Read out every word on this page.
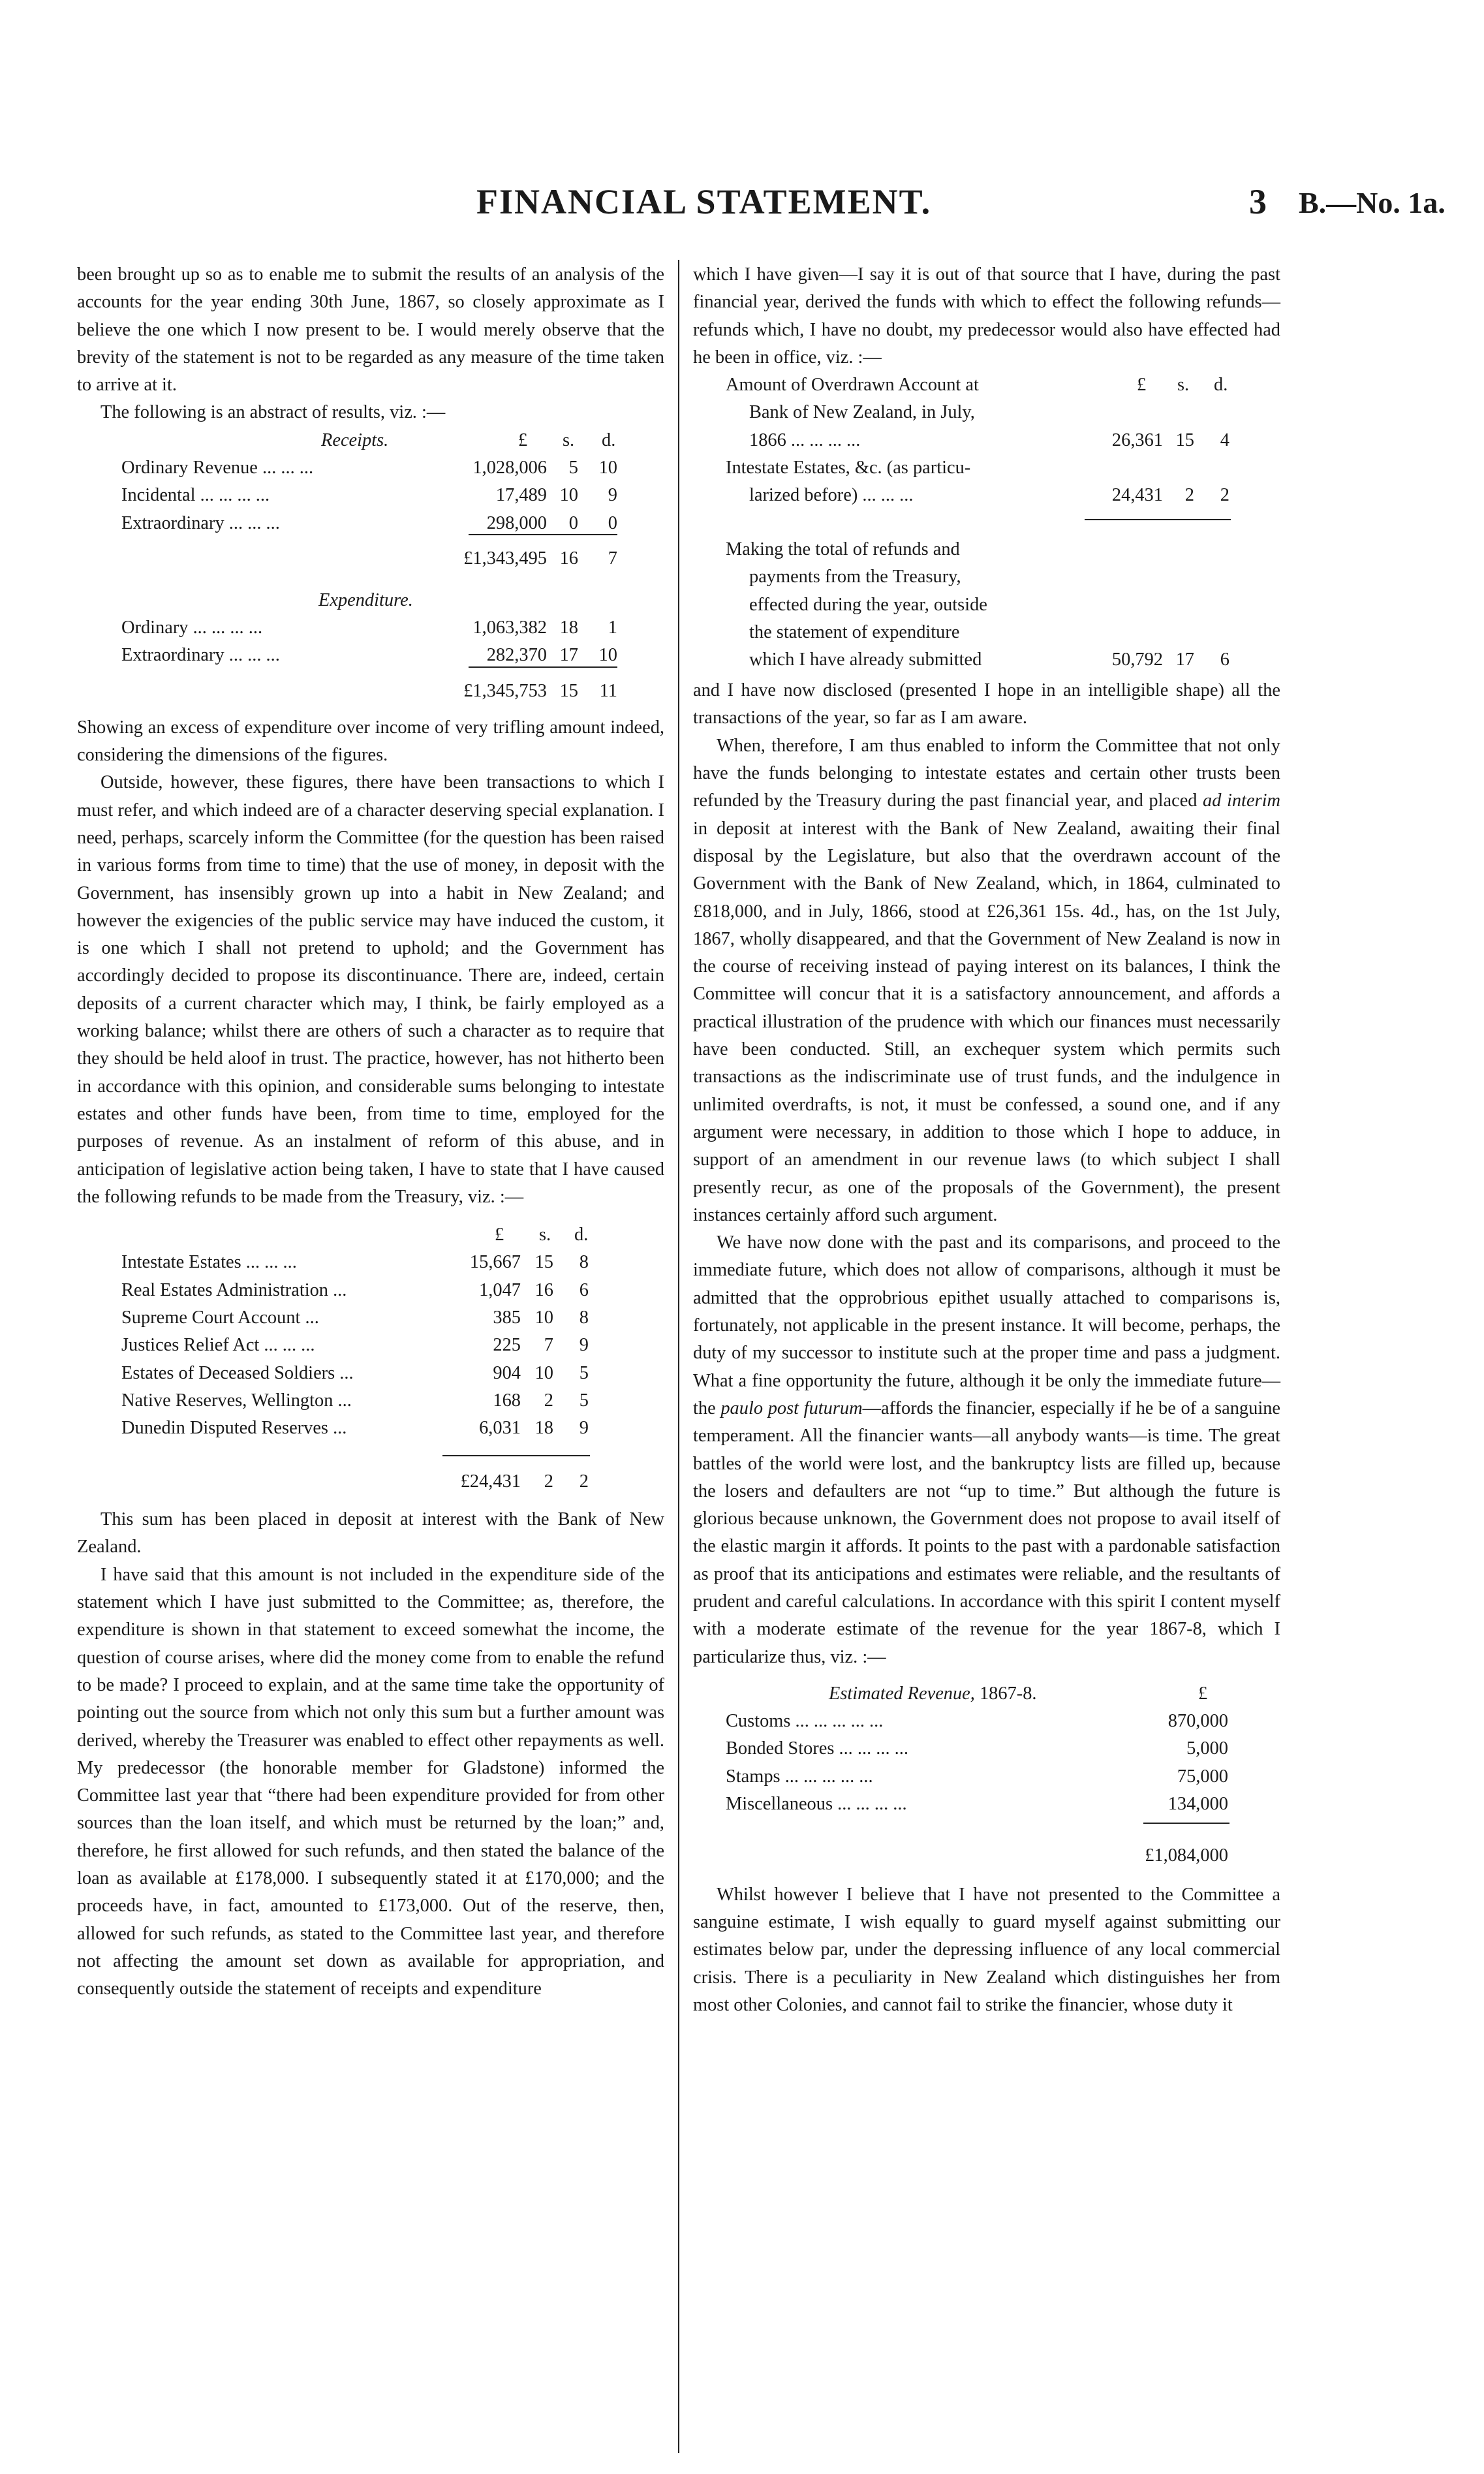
FINANCIAL STATEMENT.	3 B.—No. 1a.

been brought up so as to enable me to submit the results of an analysis of the accounts for the year ending 30th June, 1867, so closely approximate as I believe the one which I now present to be. I would merely observe that the brevity of the statement is not to be regarded as any measure of the time taken to arrive at it.

The following is an abstract of results, viz. :—

Receipts.	£ s. d.
Ordinary Revenue ... ... ...	1,028,006	5	10
Incidental ... ... ... ...	17,489 10	9
Extraordinary ... ... ...	298,000	0	0
£1,343,495 16	7
Expenditure.
Ordinary ... ... ... ...	1,063,382 18	1
Extraordinary ... ... ...	282,370 17	10
£1,345,753 15	11

Showing an excess of expenditure over income of very trifling amount indeed, considering the dimensions of the figures.

Outside, however, these figures, there have been transactions to which I must refer, and which indeed are of a character deserving special explanation. I need, perhaps, scarcely inform the Committee (for the question has been raised in various forms from time to time) that the use of money, in deposit with the Government, has insensibly grown up into a habit in New Zealand; and however the exigencies of the public service may have induced the custom, it is one which I shall not pretend to uphold; and the Government has accordingly decided to propose its discontinuance. There are, indeed, certain deposits of a current character which may, I think, be fairly employed as a working balance; whilst there are others of such a character as to require that they should be held aloof in trust. The practice, however, has not hitherto been in accordance with this opinion, and considerable sums belonging to intestate estates and other funds have been, from time to time, employed for the purposes of revenue. As an instalment of reform of this abuse, and in anticipation of legislative action being taken, I have to state that I have caused the following refunds to be made from the Treasury, viz. :—

£ s. d.
Intestate Estates ... ... ...	15,667 15	8
Real Estates Administration ...	1,047 16	6
Supreme Court Account ...	385 10	8
Justices Relief Act ... ... ...	225	7	9
Estates of Deceased Soldiers ...	904 10	5
Native Reserves, Wellington ...	168	2	5
Dunedin Disputed Reserves ...	6,031 18	9
£24,431	2	2

This sum has been placed in deposit at interest with the Bank of New Zealand.

I have said that this amount is not included in the expenditure side of the statement which I have just submitted to the Committee; as, therefore, the expenditure is shown in that statement to exceed somewhat the income, the question of course arises, where did the money come from to enable the refund to be made? I proceed to explain, and at the same time take the opportunity of pointing out the source from which not only this sum but a further amount was derived, whereby the Treasurer was enabled to effect other repayments as well. My predecessor (the honorable member for Gladstone) informed the Committee last year that “there had been expenditure provided for from other sources than the loan itself, and which must be returned by the loan;” and, therefore, he first allowed for such refunds, and then stated the balance of the loan as available at £178,000. I subsequently stated it at £170,000; and the proceeds have, in fact, amounted to £173,000. Out of the reserve, then, allowed for such refunds, as stated to the Committee last year, and therefore not affecting the amount set down as available for appropriation, and consequently outside the statement of receipts and expenditure

which I have given—I say it is out of that source that I have, during the past financial year, derived the funds with which to effect the following refunds—refunds which, I have no doubt, my predecessor would also have effected had he been in office, viz. :—

Amount of Overdrawn Account at	£ s. d.
Bank of New Zealand, in July,
1866 ... ... ... ...	26,361 15	4
Intestate Estates, &c. (as particu-
larized before) ... ... ...	24,431	2	2
Making the total of refunds and
payments from the Treasury,
effected during the year, outside
the statement of expenditure
which I have already submitted	50,792 17	6

and I have now disclosed (presented I hope in an intelligible shape) all the transactions of the year, so far as I am aware.

When, therefore, I am thus enabled to inform the Committee that not only have the funds belonging to intestate estates and certain other trusts been refunded by the Treasury during the past financial year, and placed ad interim in deposit at interest with the Bank of New Zealand, awaiting their final disposal by the Legislature, but also that the overdrawn account of the Government with the Bank of New Zealand, which, in 1864, culminated to £818,000, and in July, 1866, stood at £26,361 15s. 4d., has, on the 1st July, 1867, wholly disappeared, and that the Government of New Zealand is now in the course of receiving instead of paying interest on its balances, I think the Committee will concur that it is a satisfactory announcement, and affords a practical illustration of the prudence with which our finances must necessarily have been conducted. Still, an exchequer system which permits such transactions as the indiscriminate use of trust funds, and the indulgence in unlimited overdrafts, is not, it must be confessed, a sound one, and if any argument were necessary, in addition to those which I hope to adduce, in support of an amendment in our revenue laws (to which subject I shall presently recur, as one of the proposals of the Government), the present instances certainly afford such argument.

We have now done with the past and its comparisons, and proceed to the immediate future, which does not allow of comparisons, although it must be admitted that the opprobrious epithet usually attached to comparisons is, fortunately, not applicable in the present instance. It will become, perhaps, the duty of my successor to institute such at the proper time and pass a judgment. What a fine opportunity the future, although it be only the immediate future—the paulo post futurum—affords the financier, especially if he be of a sanguine temperament. All the financier wants—all anybody wants—is time. The great battles of the world were lost, and the bankruptcy lists are filled up, because the losers and defaulters are not “up to time.” But although the future is glorious because unknown, the Government does not propose to avail itself of the elastic margin it affords. It points to the past with a pardonable satisfaction as proof that its anticipations and estimates were reliable, and the resultants of prudent and careful calculations. In accordance with this spirit I content myself with a moderate estimate of the revenue for the year 1867-8, which I particularize thus, viz. :—

Estimated Revenue, 1867-8.	£
Customs ... ... ... ... ...	870,000
Bonded Stores ... ... ... ...	5,000
Stamps ... ... ... ... ...	75,000
Miscellaneous ... ... ... ...	134,000
£1,084,000

Whilst however I believe that I have not presented to the Committee a sanguine estimate, I wish equally to guard myself against submitting our estimates below par, under the depressing influence of any local commercial crisis. There is a peculiarity in New Zealand which distinguishes her from most other Colonies, and cannot fail to strike the financier, whose duty it
